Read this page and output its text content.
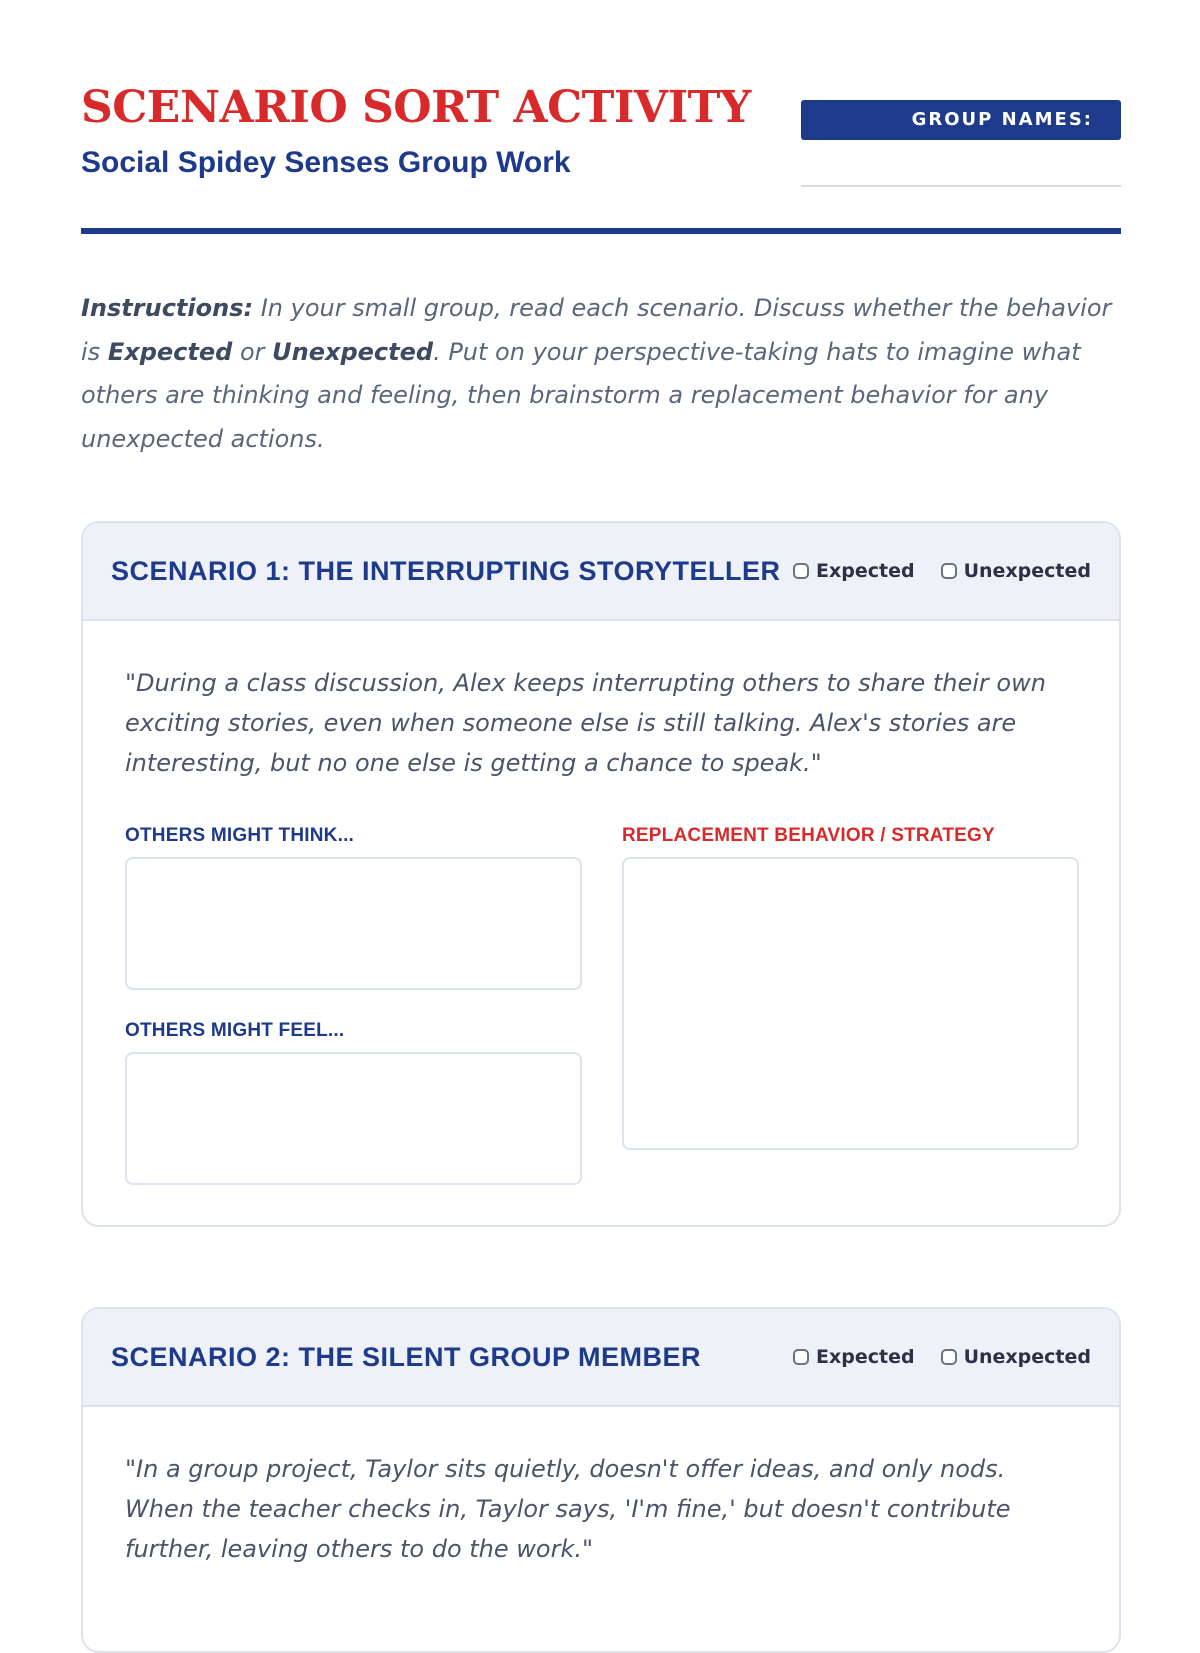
SCENARIO SORT ACTIVITY
Social Spidey Senses Group Work
GROUP NAMES:

Instructions: In your small group, read each scenario. Discuss whether the behavior is Expected or Unexpected. Put on your perspective-taking hats to imagine what others are thinking and feeling, then brainstorm a replacement behavior for any unexpected actions.

SCENARIO 1: THE INTERRUPTING STORYTELLER Expected	Unexpected

"During a class discussion, Alex keeps interrupting others to share their own exciting stories, even when someone else is still talking. Alex's stories are interesting, but no one else is getting a chance to speak."

OTHERS MIGHT THINK...
OTHERS MIGHT FEEL...
REPLACEMENT BEHAVIOR / STRATEGY
SCENARIO 2: THE SILENT GROUP MEMBER	Expected	Unexpected

"In a group project, Taylor sits quietly, doesn't offer ideas, and only nods. When the teacher checks in, Taylor says, 'I'm fine,' but doesn't contribute further, leaving others to do the work."
